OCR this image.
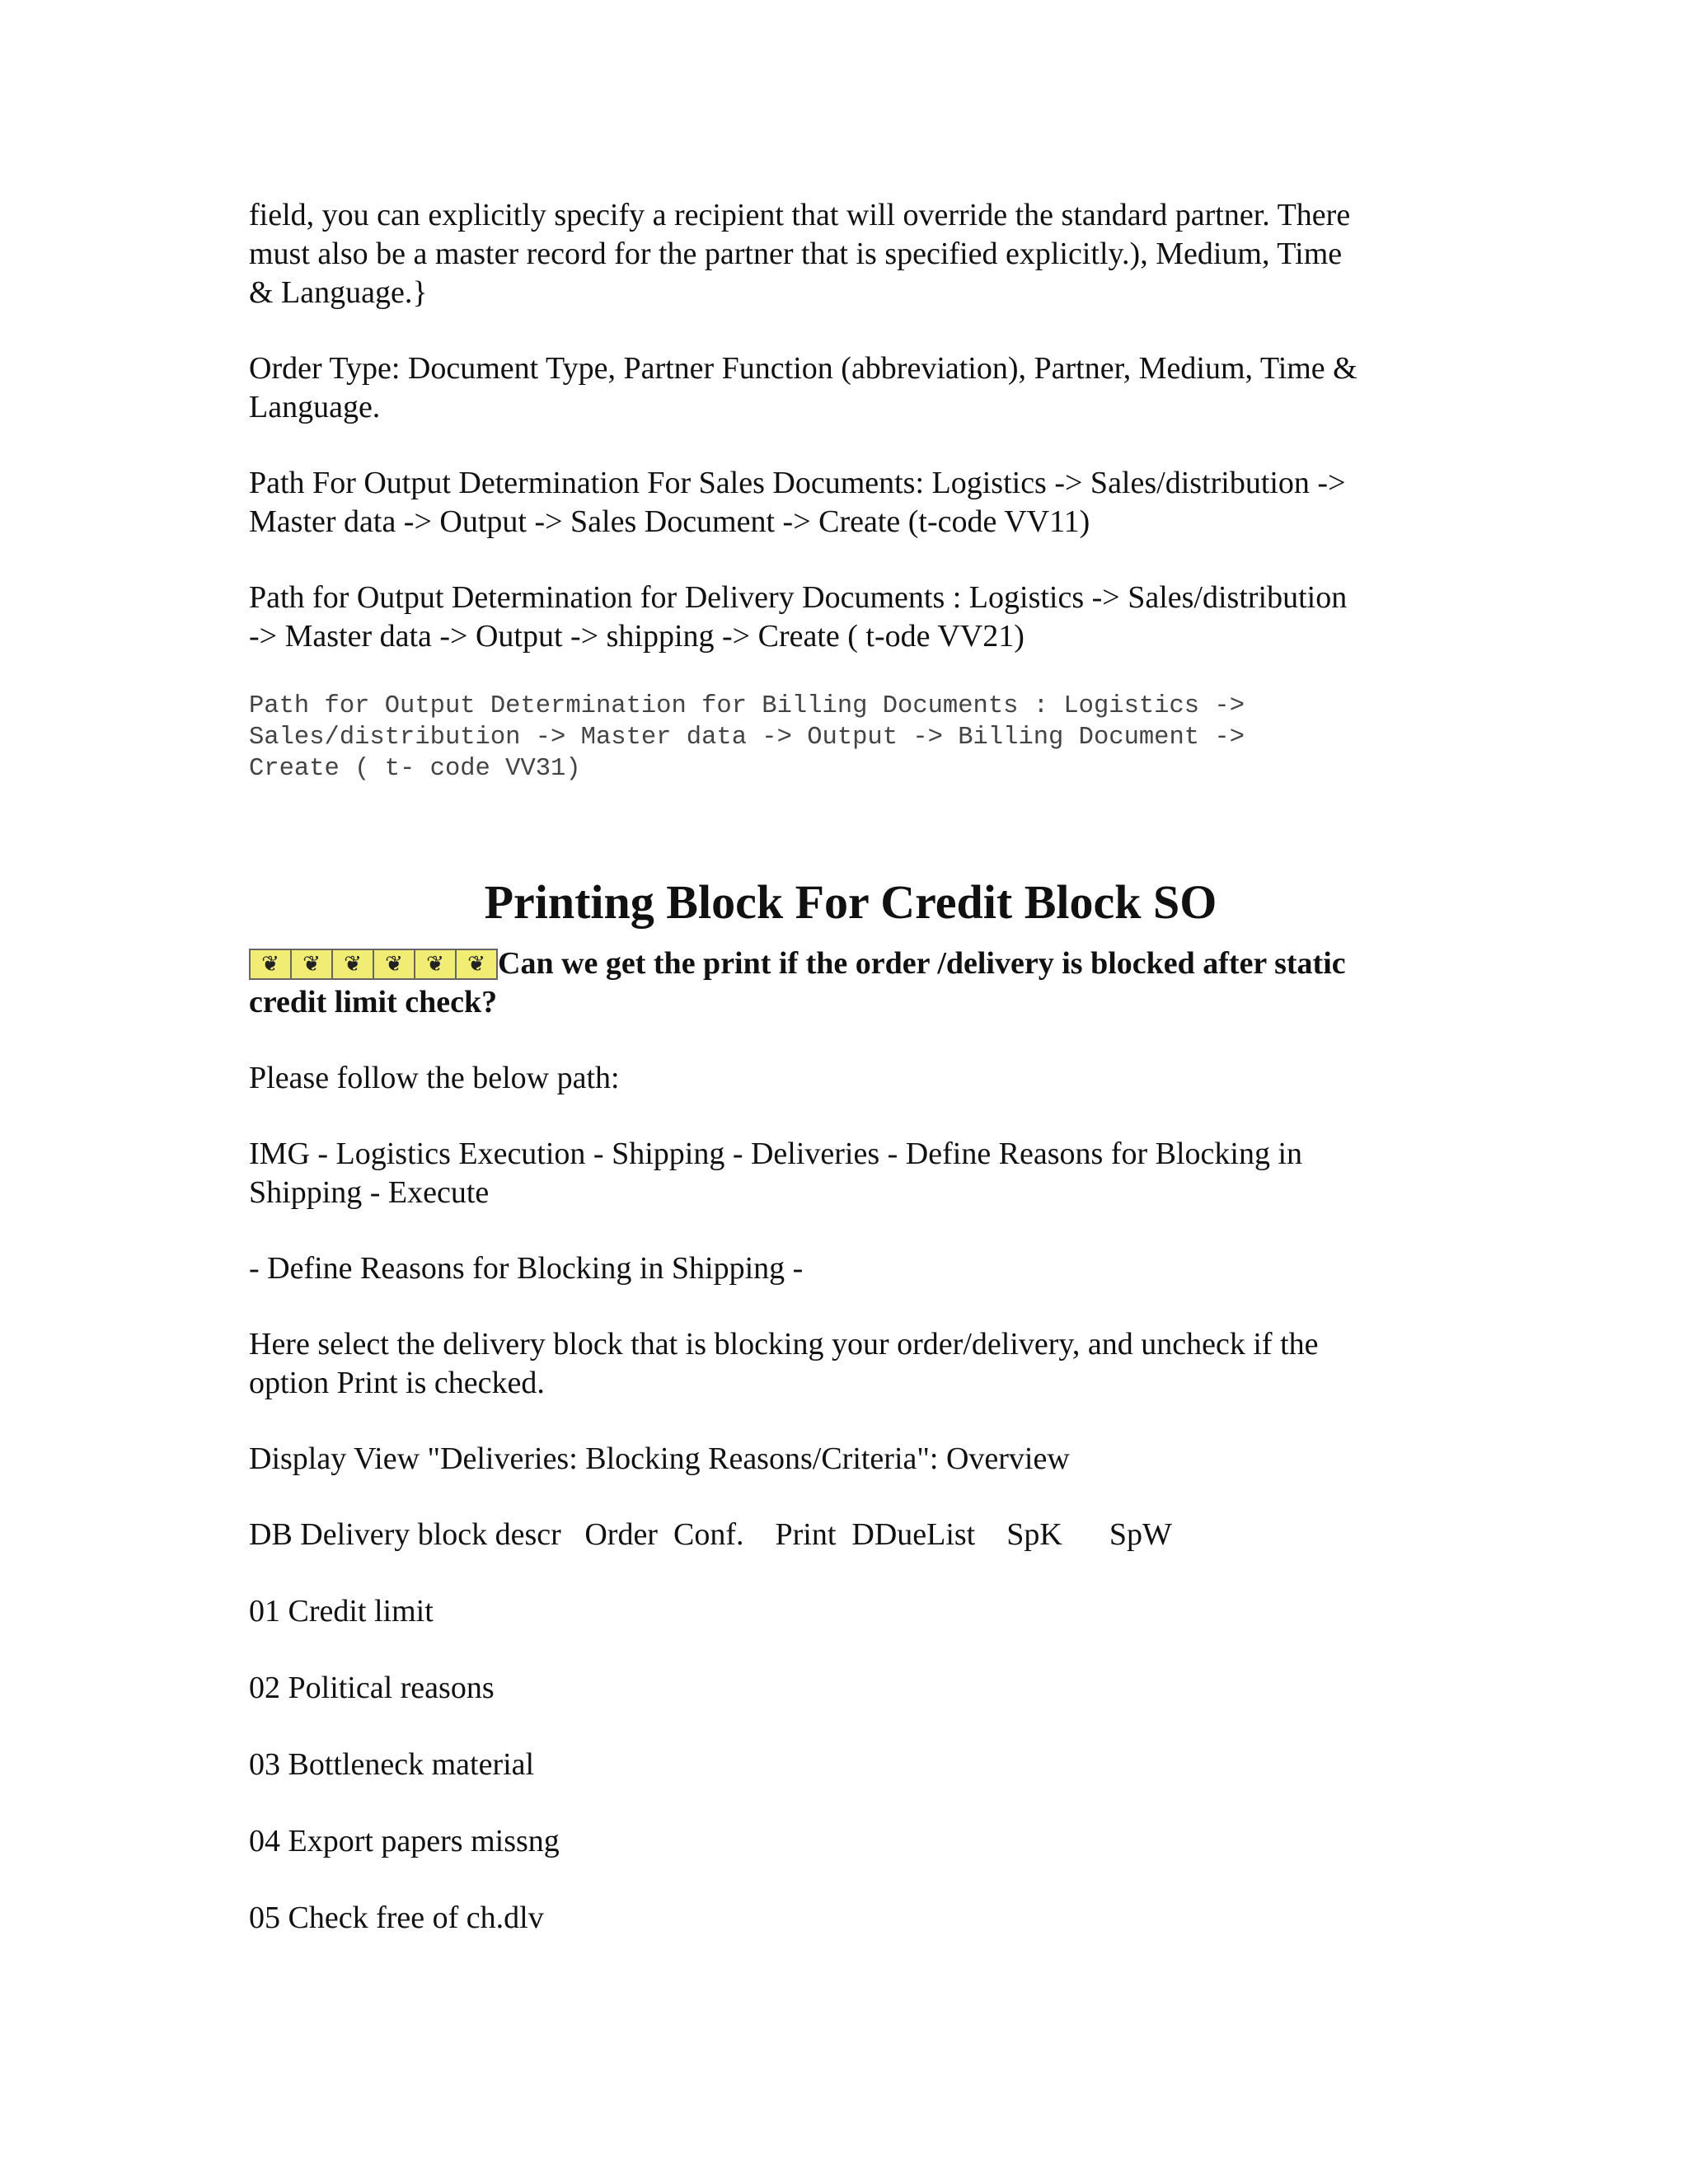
field, you can explicitly specify a recipient that will override the standard partner. There
must also be a master record for the partner that is specified explicitly.), Medium, Time
& Language.}

Order Type: Document Type, Partner Function (abbreviation), Partner, Medium, Time &
Language.

Path For Output Determination For Sales Documents: Logistics -> Sales/distribution ->
Master data -> Output -> Sales Document -> Create (t-code VV11)

Path for Output Determination for Delivery Documents : Logistics -> Sales/distribution
-> Master data -> Output -> shipping -> Create ( t-ode VV21)

Path for Output Determination for Billing Documents : Logistics ->
Sales/distribution -> Master data -> Output -> Billing Document ->
Create ( t- code VV31)

Printing Block For Credit Block SO

❦	❦	❦	❦	❦	❦ Can we get the print if the order /delivery is blocked after static
credit limit check?

Please follow the below path:

IMG - Logistics Execution - Shipping - Deliveries - Define Reasons for Blocking in
Shipping - Execute

- Define Reasons for Blocking in Shipping -

Here select the delivery block that is blocking your order/delivery, and uncheck if the
option Print is checked.

Display View "Deliveries: Blocking Reasons/Criteria": Overview

DB Delivery block descr Order Conf. Print DDueList SpK SpW

01 Credit limit

02 Political reasons

03 Bottleneck material

04 Export papers missng

05 Check free of ch.dlv
